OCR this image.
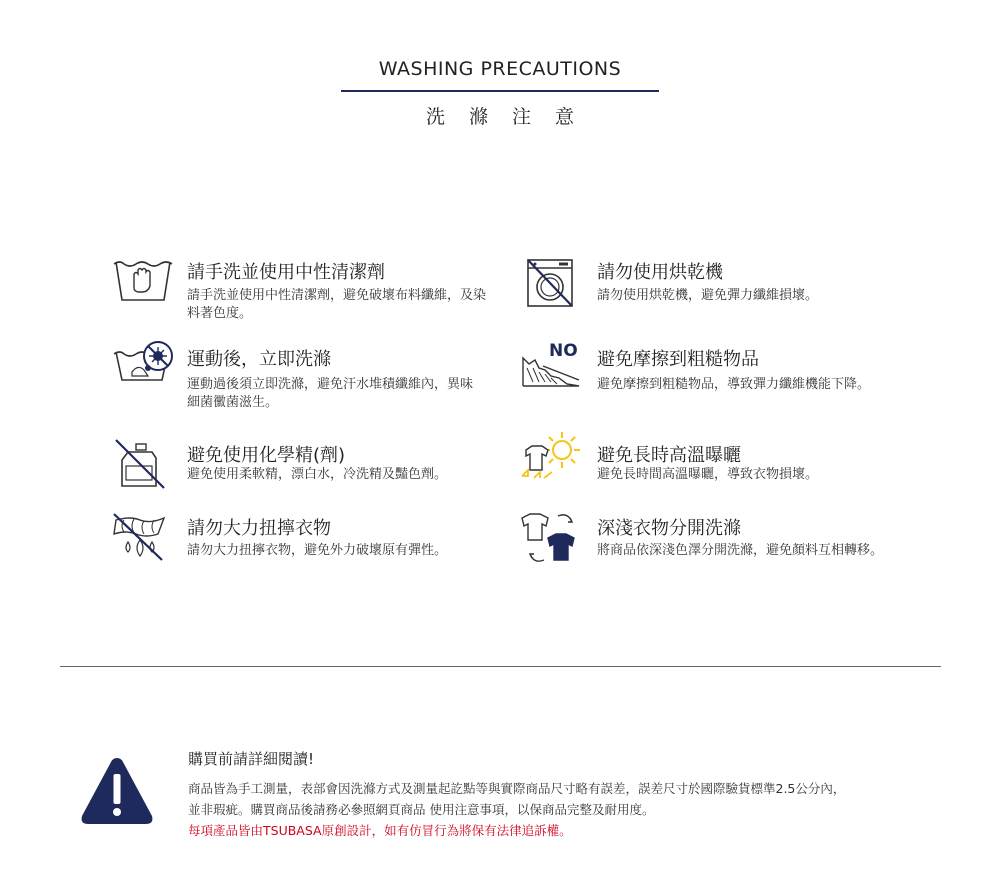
WASHING PRECAUTIONS
洗滌注意
請手洗並使用中性清潔劑
請手洗並使用中性清潔劑，避免破壞布料纖維，及染料著色度。
請勿使用烘乾機
請勿使用烘乾機，避免彈力纖維損壞。
運動後，立即洗滌
運動過後須立即洗滌，避免汗水堆積纖維內，異味細菌黴菌滋生。
NO 避免摩擦到粗糙物品
避免摩擦到粗糙物品，導致彈力纖維機能下降。
避免使用化學精(劑)
避免使用柔軟精，漂白水，冷洗精及豔色劑。
避免長時高溫曝曬
避免長時間高溫曝曬，導致衣物損壞。
請勿大力扭擰衣物
請勿大力扭擰衣物，避免外力破壞原有彈性。
深淺衣物分開洗滌
將商品依深淺色澤分開洗滌，避免顏料互相轉移。
購買前請詳細閱讀!
商品皆為手工測量，表部會因洗滌方式及測量起訖點等與實際商品尺寸略有誤差，誤差尺寸於國際驗貨標準2.5公分內，
並非瑕疵。購買商品後請務必參照網頁商品 使用注意事項，以保商品完整及耐用度。
每項產品皆由TSUBASA原創設計，如有仿冒行為將保有法律追訴權。
